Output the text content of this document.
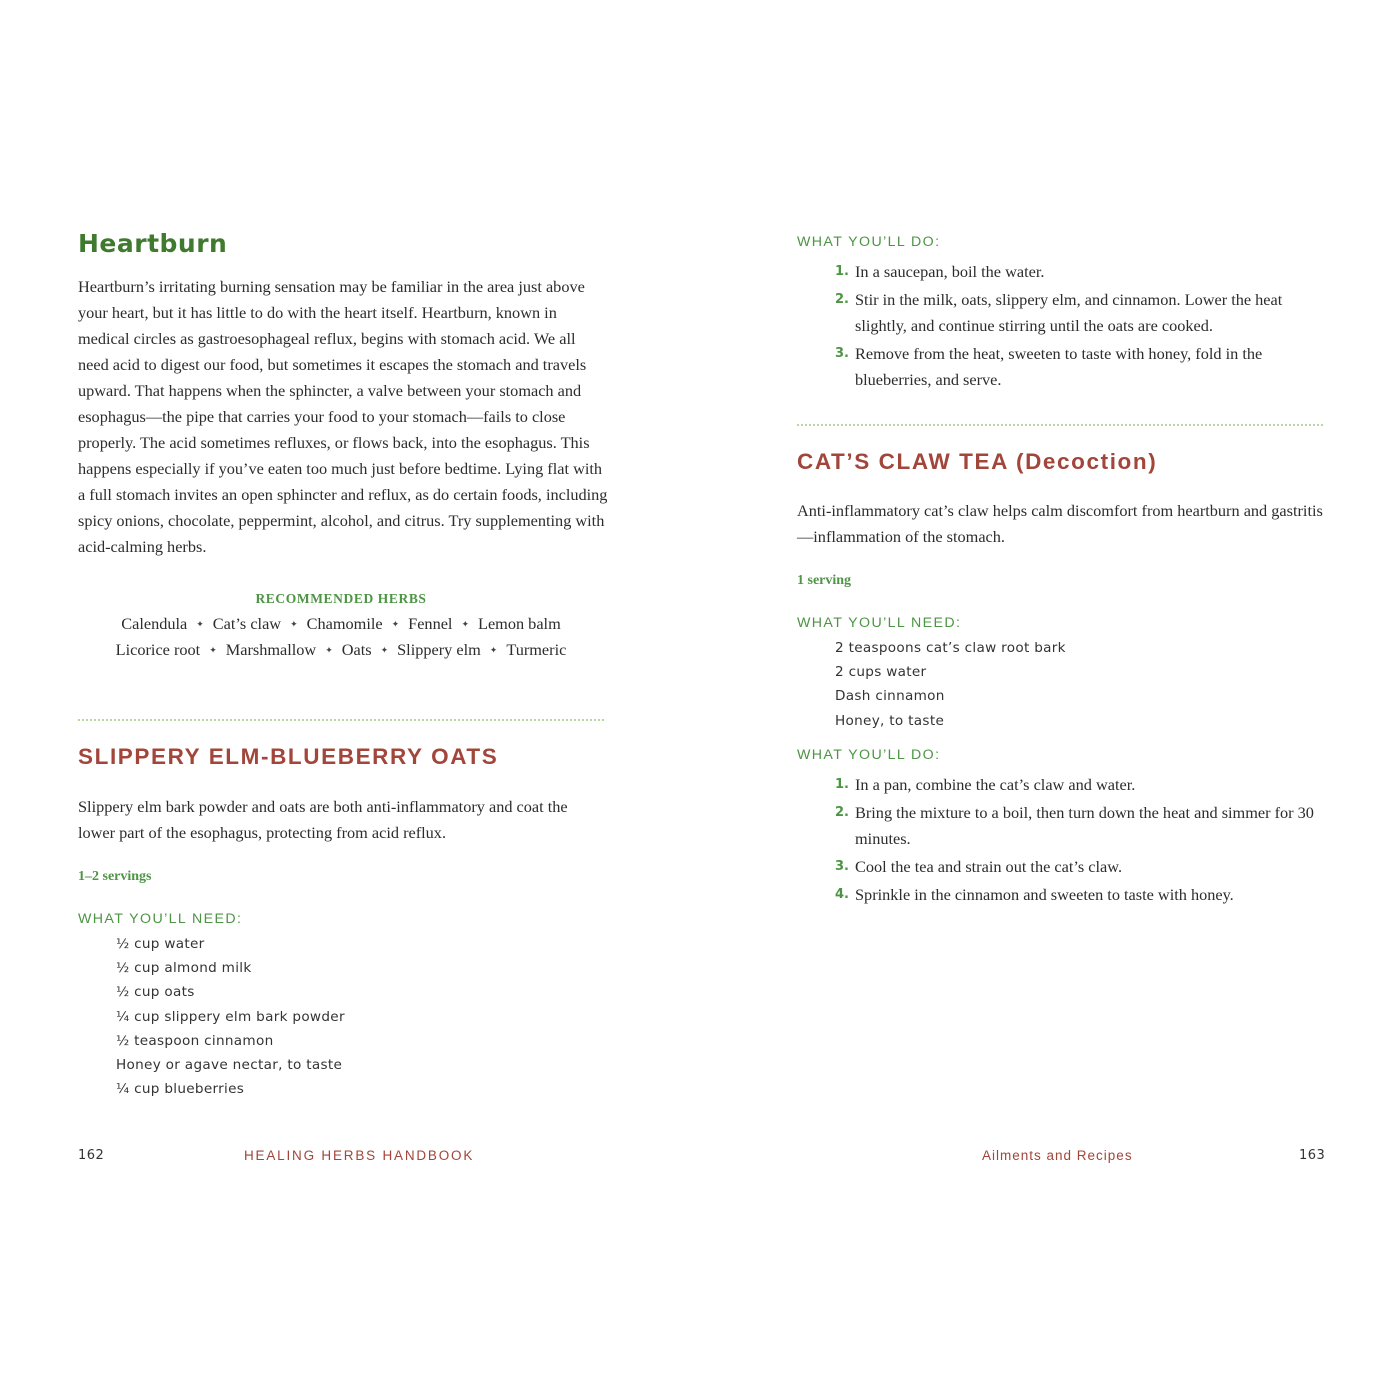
Heartburn

Heartburn’s irritating burning sensation may be familiar in the area just above your heart, but it has little to do with the heart itself. Heartburn, known in medical circles as gastroesophageal reflux, begins with stomach acid. We all need acid to digest our food, but sometimes it escapes the stomach and travels upward. That happens when the sphincter, a valve between your stomach and esophagus—the pipe that carries your food to your stomach—fails to close properly. The acid sometimes refluxes, or flows back, into the esophagus. This happens especially if you’ve eaten too much just before bedtime. Lying flat with a full stomach invites an open sphincter and reflux, as do certain foods, including spicy onions, chocolate, peppermint, alcohol, and citrus. Try supplementing with acid-calming herbs.

RECOMMENDED HERBS
Calendula ✦ Cat’s claw ✦ Chamomile ✦ Fennel ✦ Lemon balm
Licorice root ✦ Marshmallow ✦ Oats ✦ Slippery elm ✦ Turmeric
SLIPPERY ELM-BLUEBERRY OATS

Slippery elm bark powder and oats are both anti-inflammatory and coat the lower part of the esophagus, protecting from acid reflux.

1–2 servings
WHAT YOU’LL NEED:
½ cup water
½ cup almond milk
½ cup oats
¼ cup slippery elm bark powder
½ teaspoon cinnamon
Honey or agave nectar, to taste
¼ cup blueberries
162	HEALING HERBS HANDBOOK
WHAT YOU’LL DO:
1. In a saucepan, boil the water.
2. Stir in the milk, oats, slippery elm, and cinnamon. Lower the heat slightly, and continue stirring until the oats are cooked.
3. Remove from the heat, sweeten to taste with honey, fold in the blueberries, and serve.
CAT’S CLAW TEA (Decoction)

Anti-inflammatory cat’s claw helps calm discomfort from heartburn and gastritis—inflammation of the stomach.

1 serving
WHAT YOU’LL NEED:
2 teaspoons cat’s claw root bark
2 cups water
Dash cinnamon
Honey, to taste
WHAT YOU’LL DO:
1. In a pan, combine the cat’s claw and water.
2. Bring the mixture to a boil, then turn down the heat and simmer for 30 minutes.
3. Cool the tea and strain out the cat’s claw.
4. Sprinkle in the cinnamon and sweeten to taste with honey.
Ailments and Recipes	163
